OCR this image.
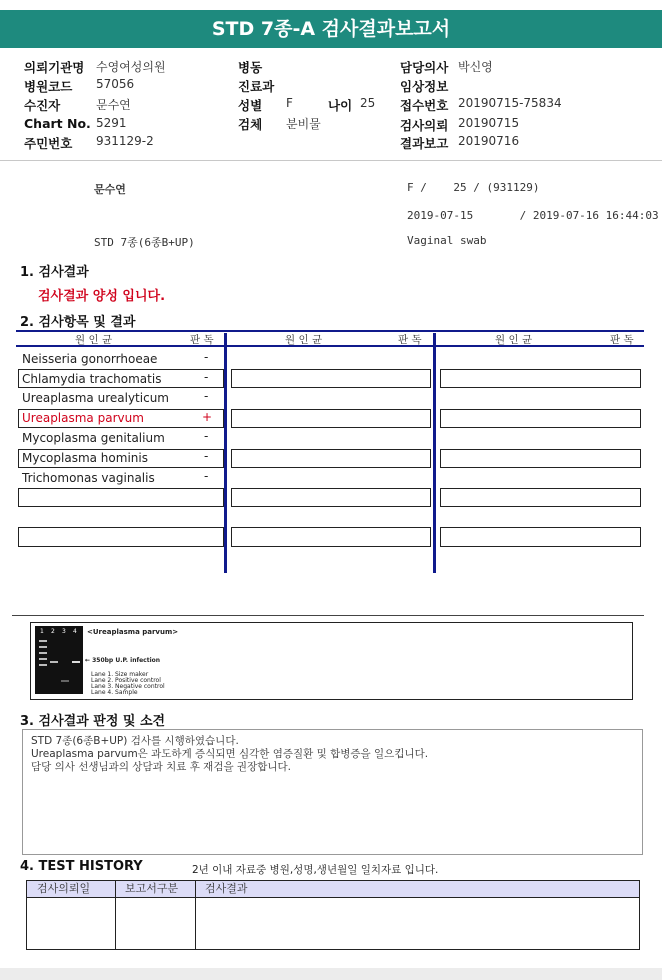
STD 7종-A 검사결과보고서
의뢰기관명 수영여성의원
병원코드 57056
수진자	문수연
Chart No. 5291
주민번호 931129-2
병동
진료과
성별 F	나이 25
검체 분비물
담당의사 박신영
임상정보
접수번호 20190715-75834
검사의뢰 20190715
결과보고 20190716
문수연	F /    25 / (931129)
2019-07-15       / 2019-07-16 16:44:03
STD 7종(6종B+UP)	Vaginal swab
1. 검사결과
검사결과 양성 입니다.
2. 검사항목 및 결과
원 인 균	판 독	원 인 균	판 독	원 인 균	판 독
Neisseria gonorrhoeae	-
Chlamydia trachomatis	-
Ureaplasma urealyticum	-
Ureaplasma parvum	+
Mycoplasma genitalium	-
Mycoplasma hominis	-
Trichomonas vaginalis	-
1 2 3 4 <Ureaplasma parvum>
← 350bp U.P. infection
Lane 1. Size maker
Lane 2. Positive control
Lane 3. Negative control
Lane 4. Sample
3. 검사결과 판정 및 소견

STD 7종(6종B+UP) 검사를 시행하였습니다.

Ureaplasma parvum은 과도하게 증식되면 심각한 염증질환 및 합병증을 일으킵니다.

담당 의사 선생님과의 상담과 치료 후 재검을 권장합니다.

4. TEST HISTORY	2년 이내 자료중 병원,성명,생년월일 일치자료 입니다.
검사의뢰일	보고서구분	검사결과
